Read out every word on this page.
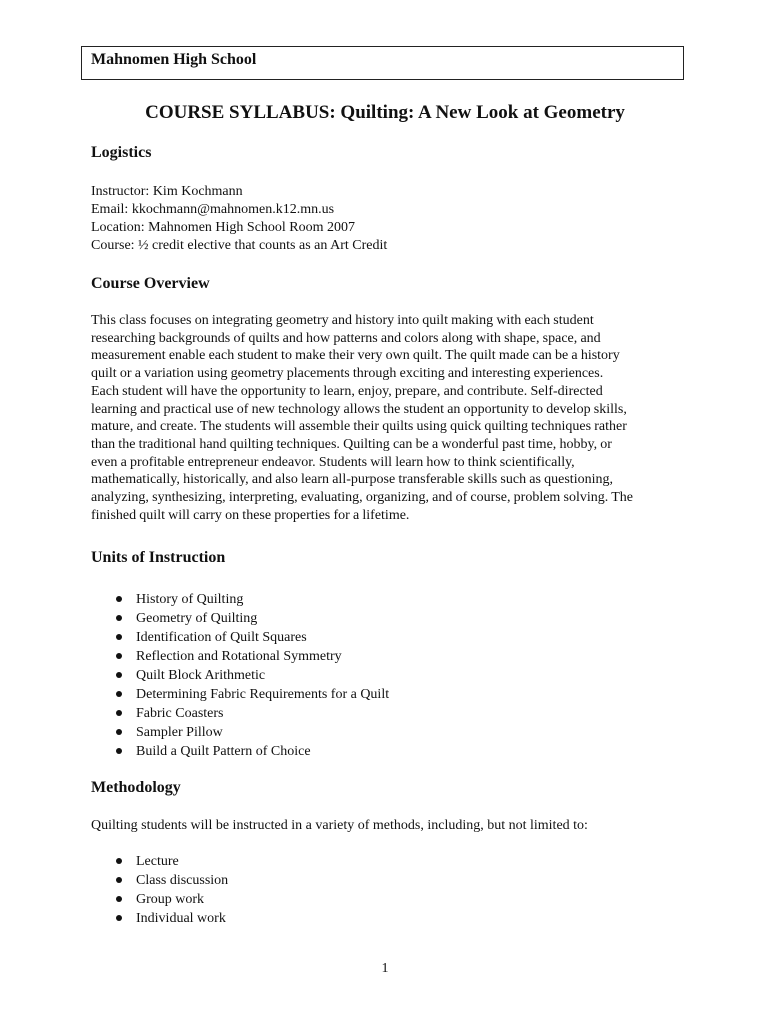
Mahnomen High School
COURSE SYLLABUS: Quilting: A New Look at Geometry
Logistics
Instructor: Kim Kochmann
Email: kkochmann@mahnomen.k12.mn.us
Location: Mahnomen High School Room 2007
Course: ½ credit elective that counts as an Art Credit
Course Overview
This class focuses on integrating geometry and history into quilt making with each student
researching backgrounds of quilts and how patterns and colors along with shape, space, and
measurement enable each student to make their very own quilt. The quilt made can be a history
quilt or a variation using geometry placements through exciting and interesting experiences.
Each student will have the opportunity to learn, enjoy, prepare, and contribute. Self-directed
learning and practical use of new technology allows the student an opportunity to develop skills,
mature, and create. The students will assemble their quilts using quick quilting techniques rather
than the traditional hand quilting techniques. Quilting can be a wonderful past time, hobby, or
even a profitable entrepreneur endeavor. Students will learn how to think scientifically,
mathematically, historically, and also learn all-purpose transferable skills such as questioning,
analyzing, synthesizing, interpreting, evaluating, organizing, and of course, problem solving. The
finished quilt will carry on these properties for a lifetime.
Units of Instruction
History of Quilting
Geometry of Quilting
Identification of Quilt Squares
Reflection and Rotational Symmetry
Quilt Block Arithmetic
Determining Fabric Requirements for a Quilt
Fabric Coasters
Sampler Pillow
Build a Quilt Pattern of Choice
Methodology
Quilting students will be instructed in a variety of methods, including, but not limited to:
Lecture
Class discussion
Group work
Individual work
1
